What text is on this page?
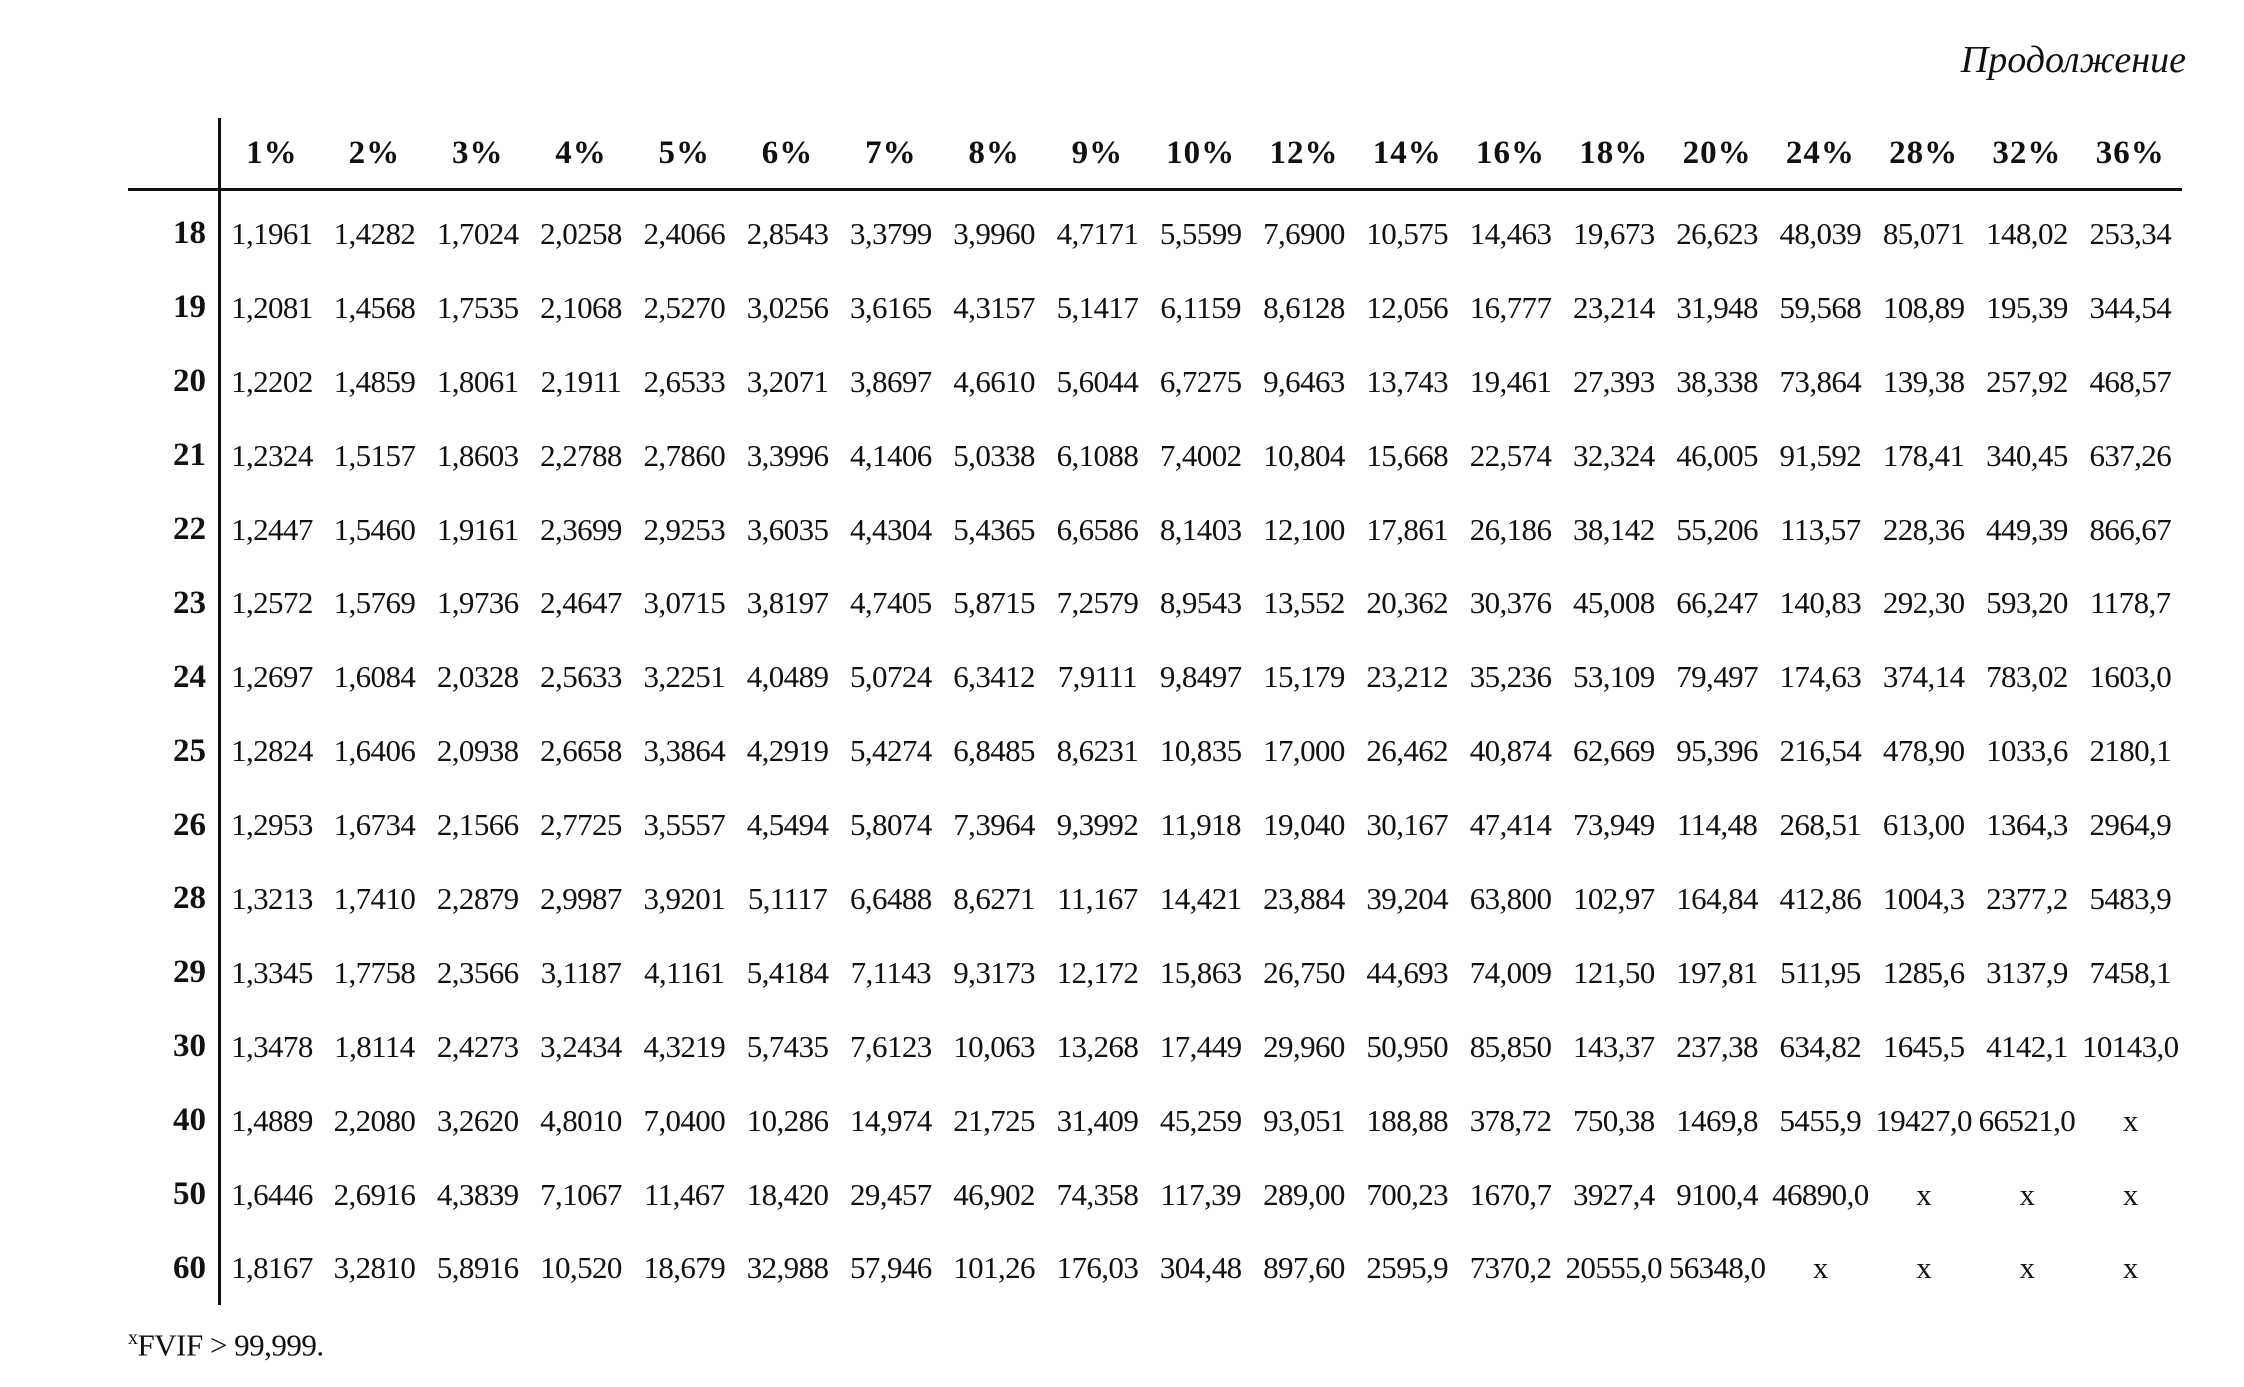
Продолжение
	1%	2%	3%	4%	5%	6%	7%	8%	9%	10%	12%	14%	16%	18%	20%	24%	28%	32%	36%
18	1,1961	1,4282	1,7024	2,0258	2,4066	2,8543	3,3799	3,9960	4,7171	5,5599	7,6900	10,575	14,463	19,673	26,623	48,039	85,071	148,02	253,34
19	1,2081	1,4568	1,7535	2,1068	2,5270	3,0256	3,6165	4,3157	5,1417	6,1159	8,6128	12,056	16,777	23,214	31,948	59,568	108,89	195,39	344,54
20	1,2202	1,4859	1,8061	2,1911	2,6533	3,2071	3,8697	4,6610	5,6044	6,7275	9,6463	13,743	19,461	27,393	38,338	73,864	139,38	257,92	468,57
21	1,2324	1,5157	1,8603	2,2788	2,7860	3,3996	4,1406	5,0338	6,1088	7,4002	10,804	15,668	22,574	32,324	46,005	91,592	178,41	340,45	637,26
22	1,2447	1,5460	1,9161	2,3699	2,9253	3,6035	4,4304	5,4365	6,6586	8,1403	12,100	17,861	26,186	38,142	55,206	113,57	228,36	449,39	866,67
23	1,2572	1,5769	1,9736	2,4647	3,0715	3,8197	4,7405	5,8715	7,2579	8,9543	13,552	20,362	30,376	45,008	66,247	140,83	292,30	593,20	1178,7
24	1,2697	1,6084	2,0328	2,5633	3,2251	4,0489	5,0724	6,3412	7,9111	9,8497	15,179	23,212	35,236	53,109	79,497	174,63	374,14	783,02	1603,0
25	1,2824	1,6406	2,0938	2,6658	3,3864	4,2919	5,4274	6,8485	8,6231	10,835	17,000	26,462	40,874	62,669	95,396	216,54	478,90	1033,6	2180,1
26	1,2953	1,6734	2,1566	2,7725	3,5557	4,5494	5,8074	7,3964	9,3992	11,918	19,040	30,167	47,414	73,949	114,48	268,51	613,00	1364,3	2964,9
28	1,3213	1,7410	2,2879	2,9987	3,9201	5,1117	6,6488	8,6271	11,167	14,421	23,884	39,204	63,800	102,97	164,84	412,86	1004,3	2377,2	5483,9
29	1,3345	1,7758	2,3566	3,1187	4,1161	5,4184	7,1143	9,3173	12,172	15,863	26,750	44,693	74,009	121,50	197,81	511,95	1285,6	3137,9	7458,1
30	1,3478	1,8114	2,4273	3,2434	4,3219	5,7435	7,6123	10,063	13,268	17,449	29,960	50,950	85,850	143,37	237,38	634,82	1645,5	4142,1	10143,0
40	1,4889	2,2080	3,2620	4,8010	7,0400	10,286	14,974	21,725	31,409	45,259	93,051	188,88	378,72	750,38	1469,8	5455,9	19427,0	66521,0	x
50	1,6446	2,6916	4,3839	7,1067	11,467	18,420	29,457	46,902	74,358	117,39	289,00	700,23	1670,7	3927,4	9100,4	46890,0	x	x	x
60	1,8167	3,2810	5,8916	10,520	18,679	32,988	57,946	101,26	176,03	304,48	897,60	2595,9	7370,2	20555,0	56348,0	x	x	x	x
$^x$FVIF > 99,999.
